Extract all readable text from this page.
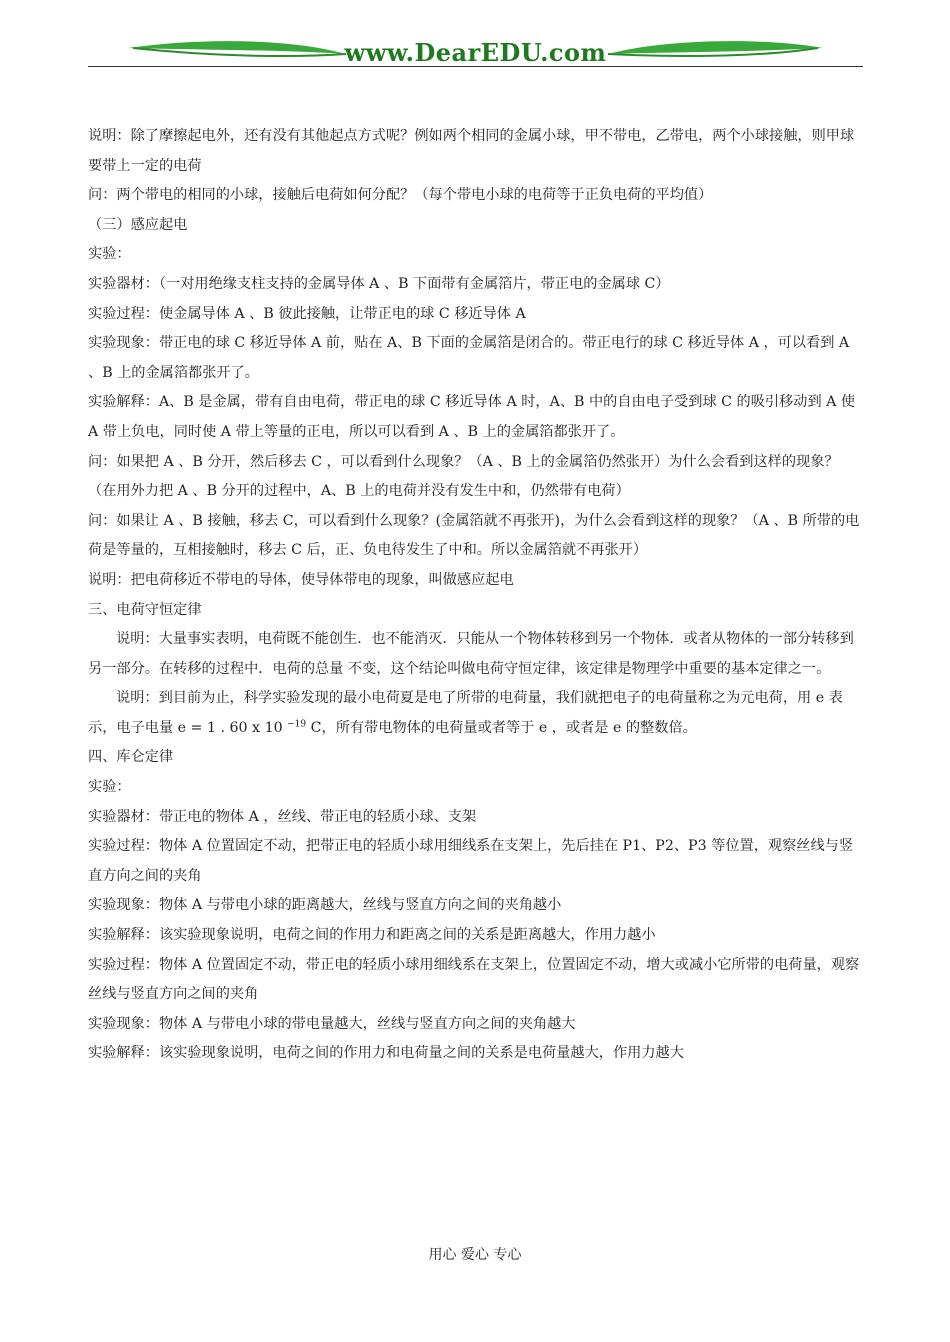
www.DearEDU.com

说明：除了摩擦起电外，还有没有其他起点方式呢？例如两个相同的金属小球，甲不带电，乙带电，两个小球接触，则甲球要带上一定的电荷

问：两个带电的相同的小球，接触后电荷如何分配？（每个带电小球的电荷等于正负电荷的平均值）

（三）感应起电

实验：

实验器材：（一对用绝缘支柱支持的金属导体 A 、B 下面带有金属箔片，带正电的金属球 C）

实验过程：使金属导体 A 、B 彼此接触，让带正电的球 C 移近导体 A

实验现象：带正电的球 C 移近导体 A 前，贴在 A、B 下面的金属箔是闭合的。带正电行的球 C 移近导体 A ，可以看到 A 、B 上的金属箔都张开了。

实验解释：A、B 是金属，带有自由电荷，带正电的球 C 移近导体 A 时，A、B 中的自由电子受到球 C 的吸引移动到 A 使 A 带上负电，同时使 A 带上等量的正电，所以可以看到 A 、B 上的金属箔都张开了。

问：如果把 A 、B 分开，然后移去 C ，可以看到什么现象？（A 、B 上的金属箔仍然张开）为什么会看到这样的现象？（在用外力把 A 、B 分开的过程中，A、B 上的电荷并没有发生中和，仍然带有电荷）

问：如果让 A 、B 接触，移去 C，可以看到什么现象？(金属箔就不再张开)，为什么会看到这样的现象？（A 、B 所带的电荷是等量的，互相接触时，移去 C 后，正、负电待发生了中和。所以金属箔就不再张开）

说明：把电荷移近不带电的导体，使导体带电的现象，叫做感应起电

三、电荷守恒定律

说明：大量事实表明，电荷既不能创生．也不能消灭．只能从一个物体转移到另一个物体．或者从物体的一部分转移到另一部分。在转移的过程中．电荷的总量 不变，这个结论叫做电荷守恒定律，该定律是物理学中重要的基本定律之一。

说明：到目前为止，科学实验发现的最小电荷夏是电了所带的电荷量，我们就把电子的电荷量称之为元电荷，用 e 表示，电子电量 e = 1 . 60 x 10 $^{-19}$ C，所有带电物体的电荷量或者等于 e ，或者是 e 的整数倍。

四、库仑定律

实验：

实验器材：带正电的物体 A ，丝线、带正电的轻质小球、支架

实验过程：物体 A 位置固定不动，把带正电的轻质小球用细线系在支架上，先后挂在 P1、P2、P3 等位置，观察丝线与竖直方向之间的夹角

实验现象：物体 A 与带电小球的距离越大，丝线与竖直方向之间的夹角越小

实验解释：该实验现象说明，电荷之间的作用力和距离之间的关系是距离越大，作用力越小

实验过程：物体 A 位置固定不动，带正电的轻质小球用细线系在支架上，位置固定不动，增大或减小它所带的电荷量，观察丝线与竖直方向之间的夹角

实验现象：物体 A 与带电小球的带电量越大，丝线与竖直方向之间的夹角越大

实验解释：该实验现象说明，电荷之间的作用力和电荷量之间的关系是电荷量越大，作用力越大

用心 爱心 专心
